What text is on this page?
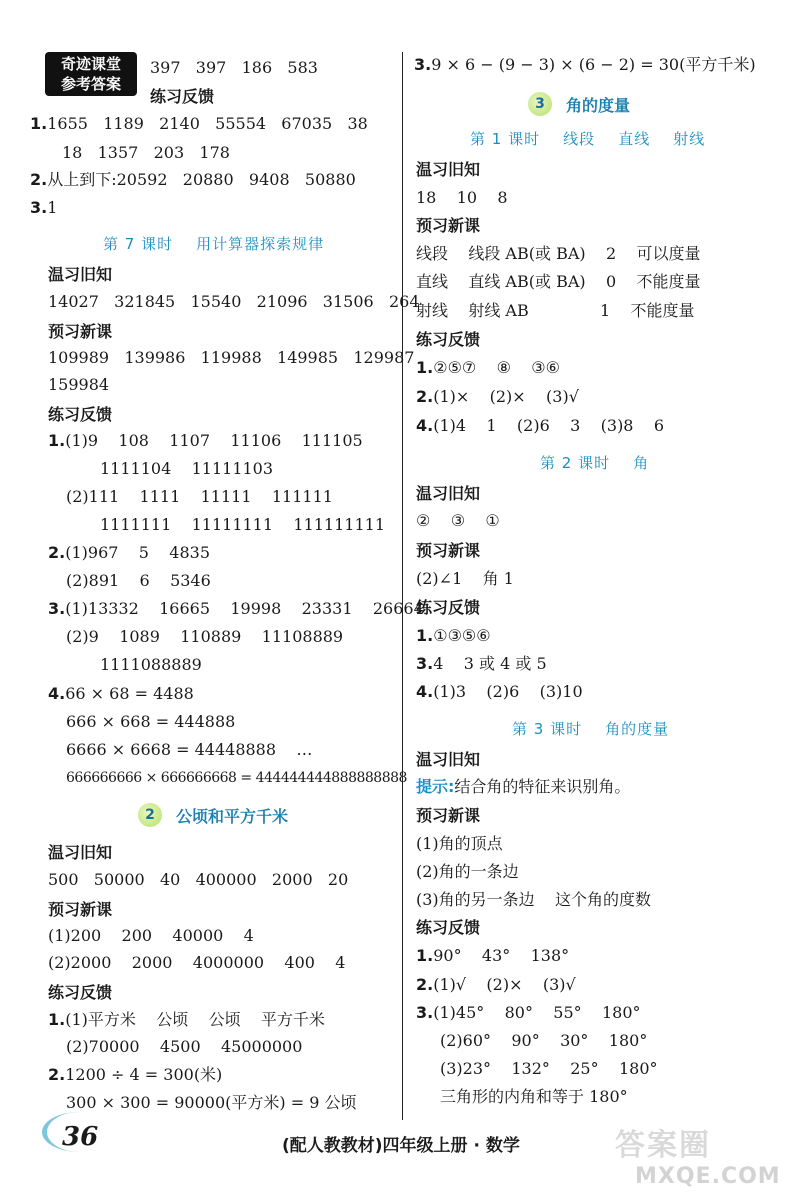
奇迹课堂
参考答案
397   397   186   583
练习反馈
1.1655   1189   2140   55554   67035   38
18   1357   203   178
2.从上到下:20592   20880   9408   50880
3.1
第 7 课时    用计算器探索规律
温习旧知
14027   321845   15540   21096   31506   264
预习新课
109989   139986   119988   149985   129987
159984
练习反馈
1.(1)9    108    1107    11106    111105
1111104    11111103
(2)111    1111    11111    111111
1111111    11111111    111111111
2.(1)967    5    4835
(2)891    6    5346
3.(1)13332    16665    19998    23331    26664
(2)9    1089    110889    11108889
1111088889
4.66 × 68 = 4488
666 × 668 = 444888
6666 × 6668 = 44448888    …
666666666 × 666666668 = 444444444888888888
2	公顷和平方千米
温习旧知
500   50000   40   400000   2000   20
预习新课
(1)200    200    40000    4
(2)2000    2000    4000000    400    4
练习反馈
1.(1)平方米    公顷    公顷    平方千米
(2)70000    4500    45000000
2.1200 ÷ 4 = 300(米)
300 × 300 = 90000(平方米) = 9 公顷
3.9 × 6 − (9 − 3) × (6 − 2) = 30(平方千米)
3	角的度量
第 1 课时    线段    直线    射线
温习旧知
18    10    8
预习新课
线段    线段 AB(或 BA)    2    可以度量
直线    直线 AB(或 BA)    0    不能度量
射线    射线 AB              1    不能度量
练习反馈
1.②⑤⑦    ⑧    ③⑥
2.(1)×    (2)×    (3)√
4.(1)4    1    (2)6    3    (3)8    6
第 2 课时    角
温习旧知
②    ③    ①
预习新课
(2)∠1    角 1
练习反馈
1.①③⑤⑥
3.4    3 或 4 或 5
4.(1)3    (2)6    (3)10
第 3 课时    角的度量
温习旧知
提示:结合角的特征来识别角。
预习新课
(1)角的顶点
(2)角的一条边
(3)角的另一条边    这个角的度数
练习反馈
1.90°    43°    138°
2.(1)√    (2)×    (3)√
3.(1)45°    80°    55°    180°
(2)60°    90°    30°    180°
(3)23°    132°    25°    180°
三角形的内角和等于 180°
36	(配人教教材)四年级上册 · 数学	答案圈
MXQE.COM
